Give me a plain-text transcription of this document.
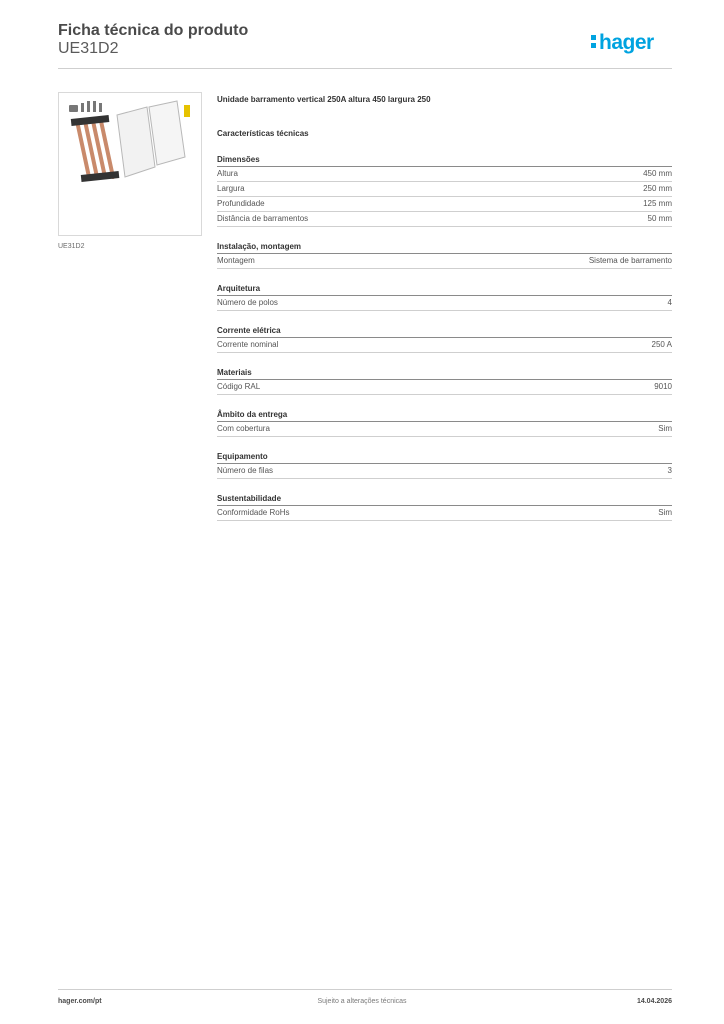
Ficha técnica do produto
UE31D2	hager
UE31D2
Unidade barramento vertical 250A altura 450 largura 250
Características técnicas
Dimensões
Altura	450 mm
Largura	250 mm
Profundidade	125 mm
Distância de barramentos	50 mm
Instalação, montagem
Montagem	Sistema de barramento
Arquitetura
Número de polos	4
Corrente elétrica
Corrente nominal	250 A
Materiais
Código RAL	9010
Âmbito da entrega
Com cobertura	Sim
Equipamento
Número de filas	3
Sustentabilidade
Conformidade RoHs	Sim
hager.com/pt	Sujeito a alterações técnicas	14.04.2026
